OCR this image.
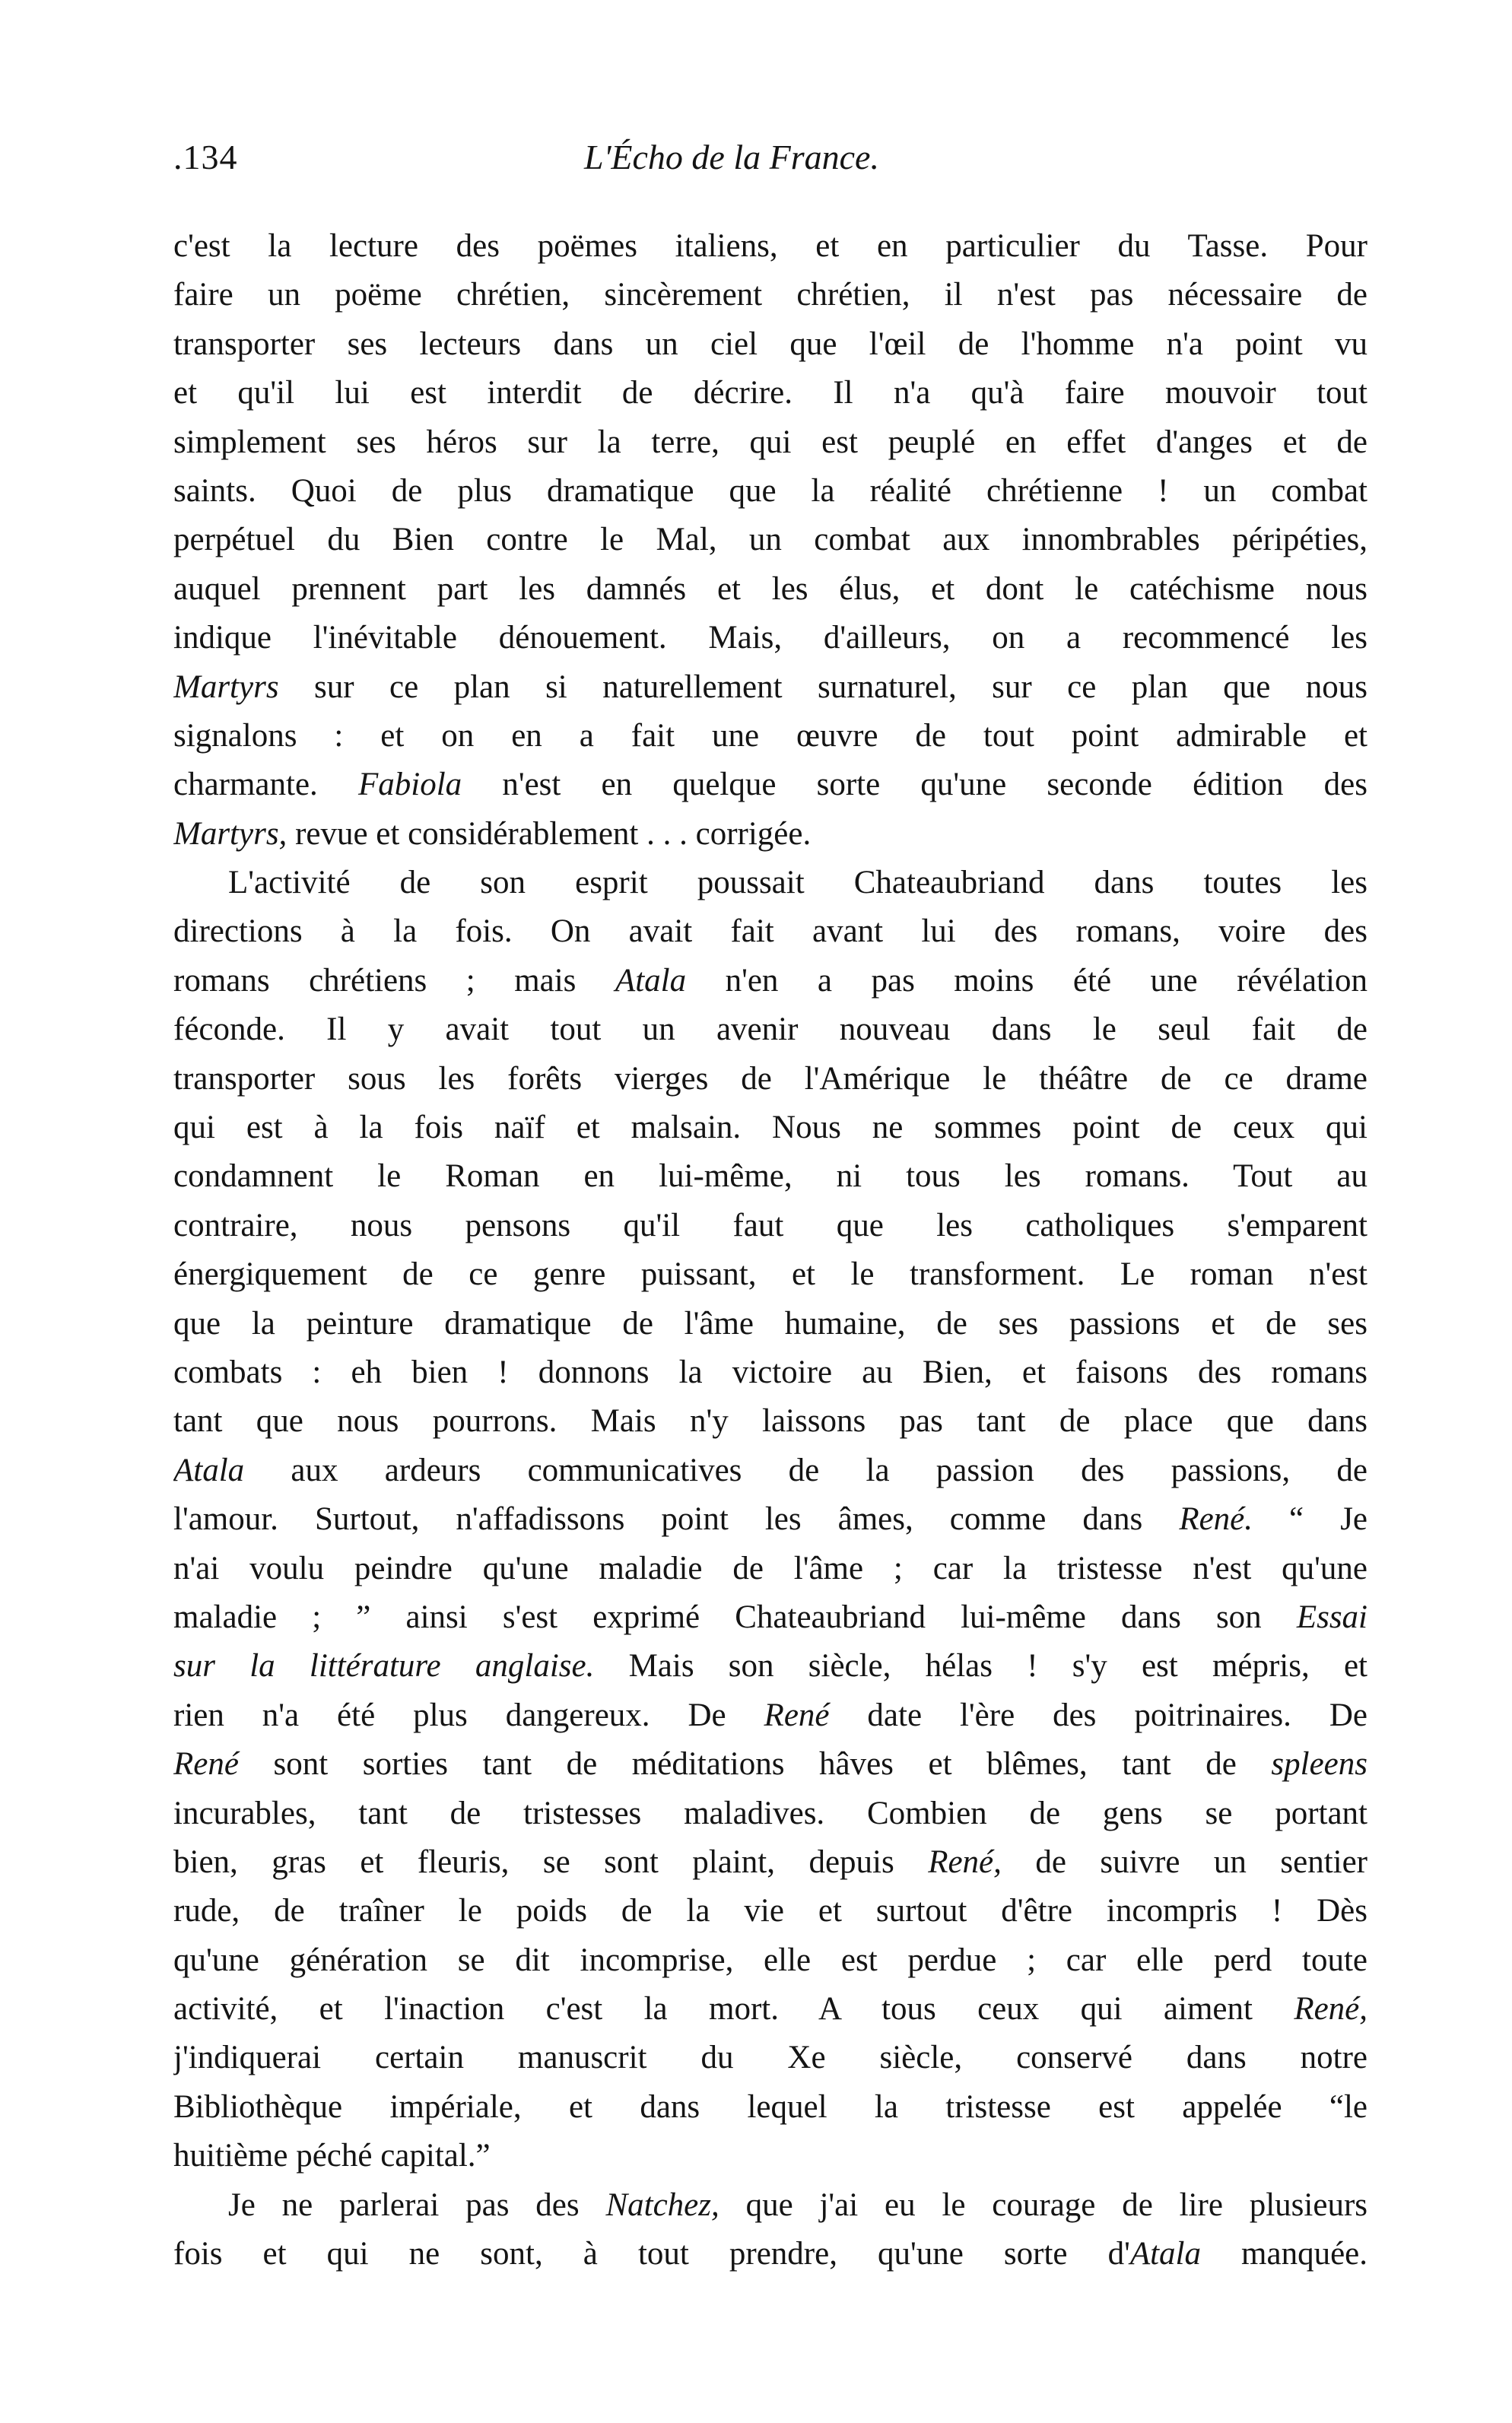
.134	L'Écho de la France.
c'est la lecture des poëmes italiens, et en particulier du Tasse. Pour
faire un poëme chrétien, sincèrement chrétien, il n'est pas nécessaire de
transporter ses lecteurs dans un ciel que l'œil de l'homme n'a point vu
et qu'il lui est interdit de décrire. Il n'a qu'à faire mouvoir tout
simplement ses héros sur la terre, qui est peuplé en effet d'anges et de
saints. Quoi de plus dramatique que la réalité chrétienne ! un combat
perpétuel du Bien contre le Mal, un combat aux innombrables péripéties,
auquel prennent part les damnés et les élus, et dont le catéchisme nous
indique l'inévitable dénouement. Mais, d'ailleurs, on a recommencé les
Martyrs sur ce plan si naturellement surnaturel, sur ce plan que nous
signalons : et on en a fait une œuvre de tout point admirable et
charmante. Fabiola n'est en quelque sorte qu'une seconde édition des
Martyrs, revue et considérablement . . . corrigée.
L'activité de son esprit poussait Chateaubriand dans toutes les
directions à la fois. On avait fait avant lui des romans, voire des
romans chrétiens ; mais Atala n'en a pas moins été une révélation
féconde. Il y avait tout un avenir nouveau dans le seul fait de
transporter sous les forêts vierges de l'Amérique le théâtre de ce drame
qui est à la fois naïf et malsain. Nous ne sommes point de ceux qui
condamnent le Roman en lui-même, ni tous les romans. Tout au
contraire, nous pensons qu'il faut que les catholiques s'emparent
énergiquement de ce genre puissant, et le transforment. Le roman n'est
que la peinture dramatique de l'âme humaine, de ses passions et de ses
combats : eh bien ! donnons la victoire au Bien, et faisons des romans
tant que nous pourrons. Mais n'y laissons pas tant de place que dans
Atala aux ardeurs communicatives de la passion des passions, de
l'amour. Surtout, n'affadissons point les âmes, comme dans René. “ Je
n'ai voulu peindre qu'une maladie de l'âme ; car la tristesse n'est qu'une
maladie ; ” ainsi s'est exprimé Chateaubriand lui-même dans son Essai
sur la littérature anglaise. Mais son siècle, hélas ! s'y est mépris, et
rien n'a été plus dangereux. De René date l'ère des poitrinaires. De
René sont sorties tant de méditations hâves et blêmes, tant de spleens
incurables, tant de tristesses maladives. Combien de gens se portant
bien, gras et fleuris, se sont plaint, depuis René, de suivre un sentier
rude, de traîner le poids de la vie et surtout d'être incompris ! Dès
qu'une génération se dit incomprise, elle est perdue ; car elle perd toute
activité, et l'inaction c'est la mort. A tous ceux qui aiment René,
j'indiquerai certain manuscrit du Xe siècle, conservé dans notre
Bibliothèque impériale, et dans lequel la tristesse est appelée “le
huitième péché capital.”
Je ne parlerai pas des Natchez, que j'ai eu le courage de lire plusieurs
fois et qui ne sont, à tout prendre, qu'une sorte d'Atala manquée.
